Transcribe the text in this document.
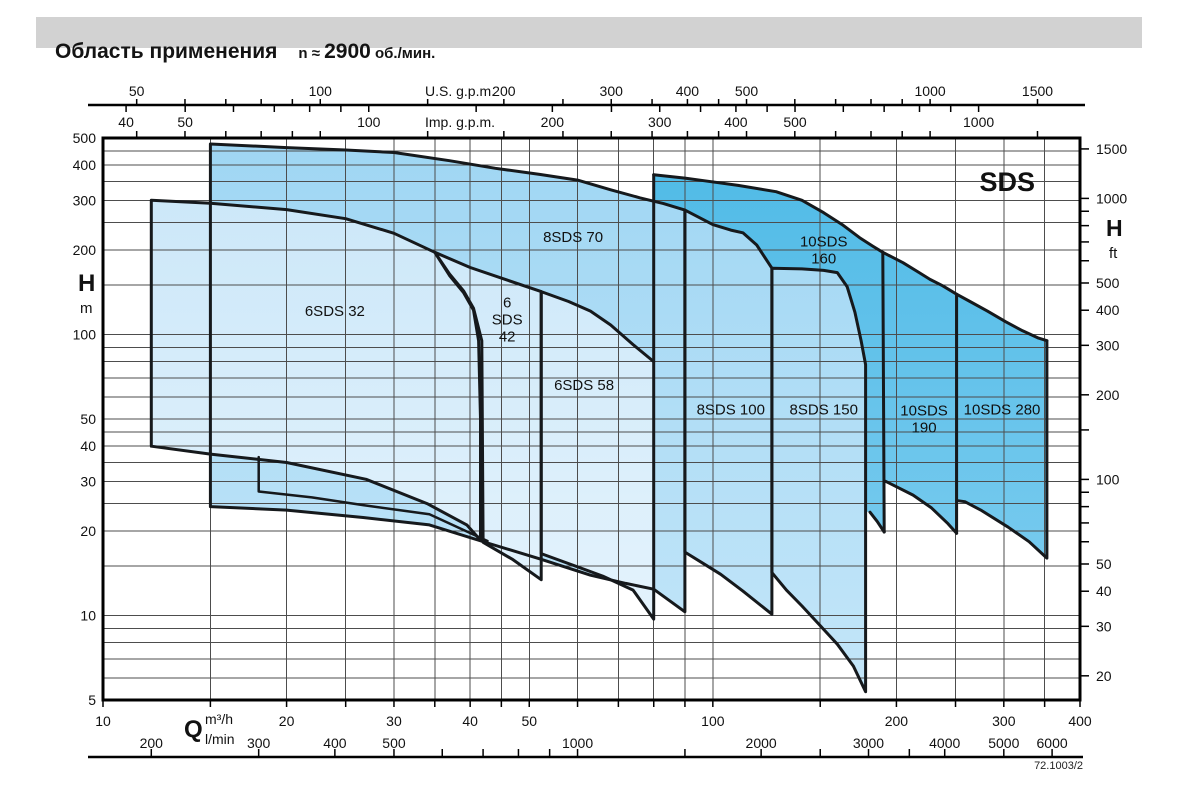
Область применения
  n ≈
2900
об./мин.
50	100	200	300	400	500	1000	1500
U.S. g.p.m.
40	50	100	200	300	400	500	1000
Imp. g.p.m.
500
400
300
200
100
50
40
30
20
10
5
1500
1000
500
400
300
200
100
50
40
30
20
10	20	30	40	50	100	200	300	400
200	300	400	500	1000	2000	3000	4000 5000 6000
H
m
H
ft
Q m³/h
l/min
6SDS 32
6
SDS
42
6SDS 58
8SDS 70
8SDS 100 8SDS 150
10SDS
160
10SDS
190
10SDS 280
SDS
72.1003/2
